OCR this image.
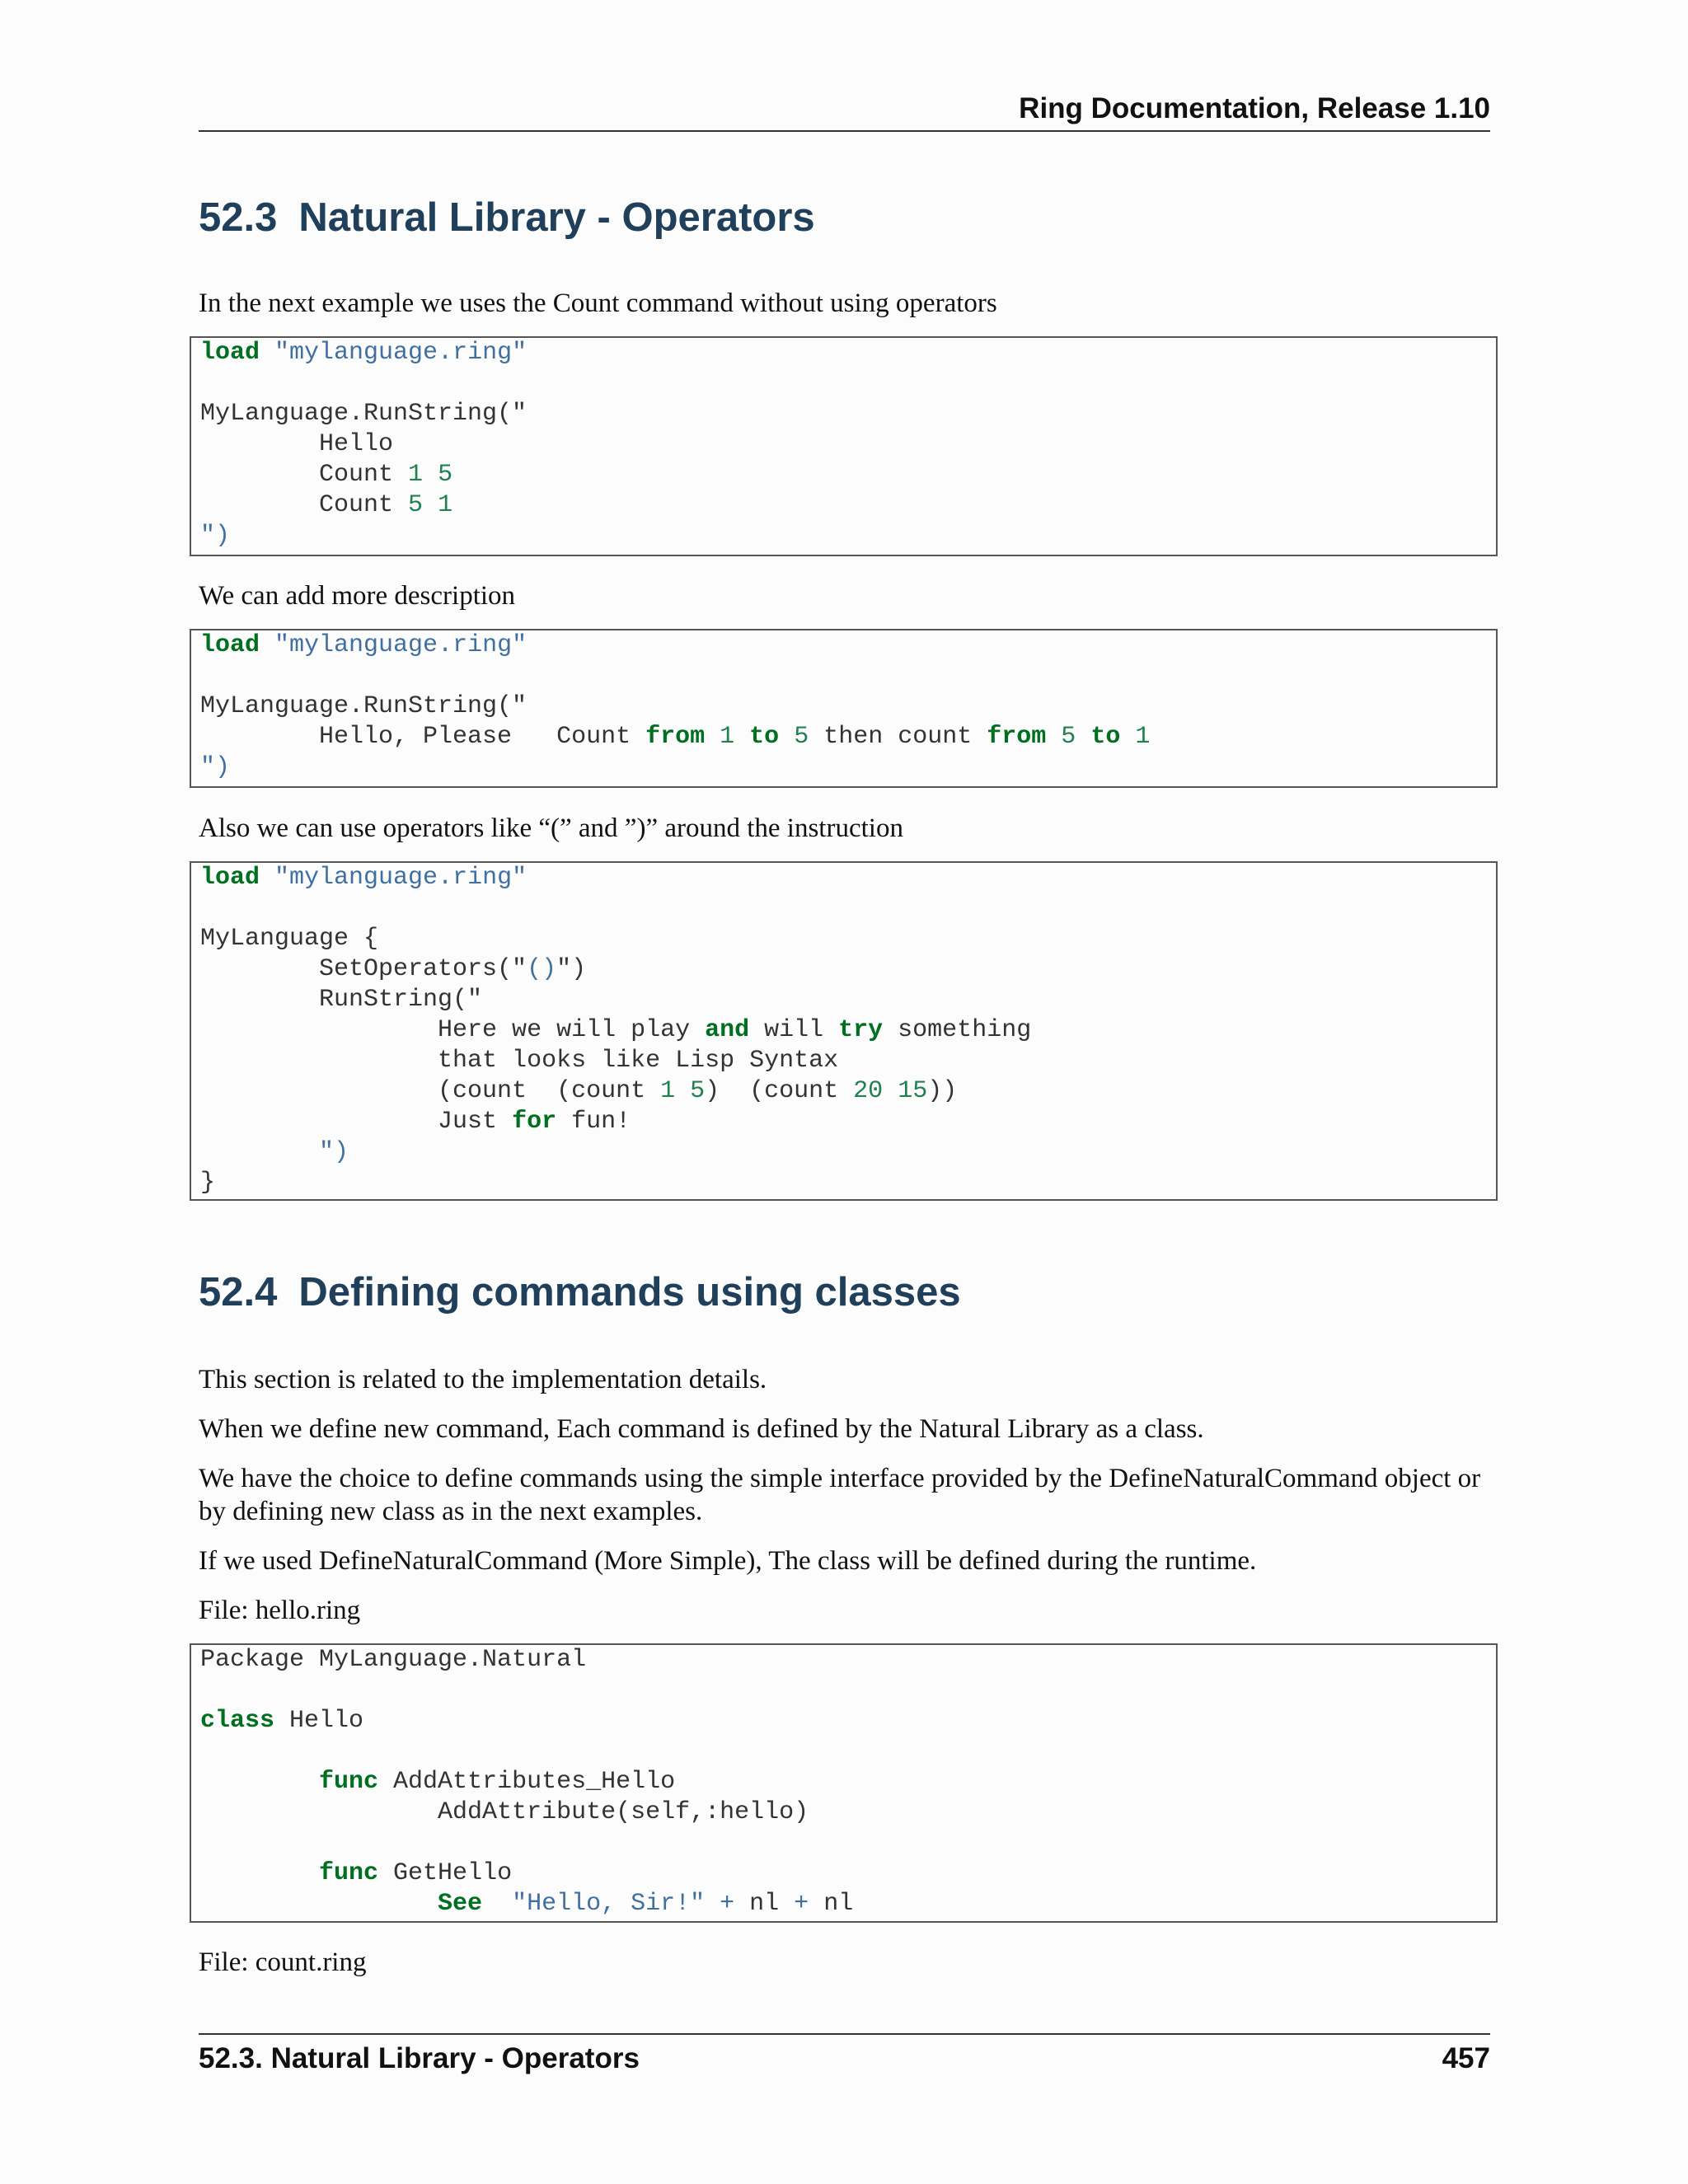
Ring Documentation, Release 1.10
52.3 Natural Library - Operators

In the next example we uses the Count command without using operators

load "mylanguage.ring"
MyLanguage.RunString("
Hello
Count 1 5
Count 5 1
")

We can add more description

load "mylanguage.ring"
MyLanguage.RunString("
Hello, Please   Count from 1 to 5 then count from 5 to 1
")

Also we can use operators like “(” and ”)” around the instruction

load "mylanguage.ring"
MyLanguage {
SetOperators("()")
RunString("
Here we will play and will try something
that looks like Lisp Syntax
(count  (count 1 5)  (count 20 15))
Just for fun!
")
}
52.4 Defining commands using classes

This section is related to the implementation details.

When we define new command, Each command is defined by the Natural Library as a class.

We have the choice to define commands using the simple interface provided by the DefineNaturalCommand object or by defining new class as in the next examples.

If we used DefineNaturalCommand (More Simple), The class will be defined during the runtime.

File: hello.ring

Package MyLanguage.Natural
class Hello
func AddAttributes_Hello
AddAttribute(self,:hello)
func GetHello
See "Hello, Sir!" + nl + nl

File: count.ring

52.3. Natural Library - Operators	457
